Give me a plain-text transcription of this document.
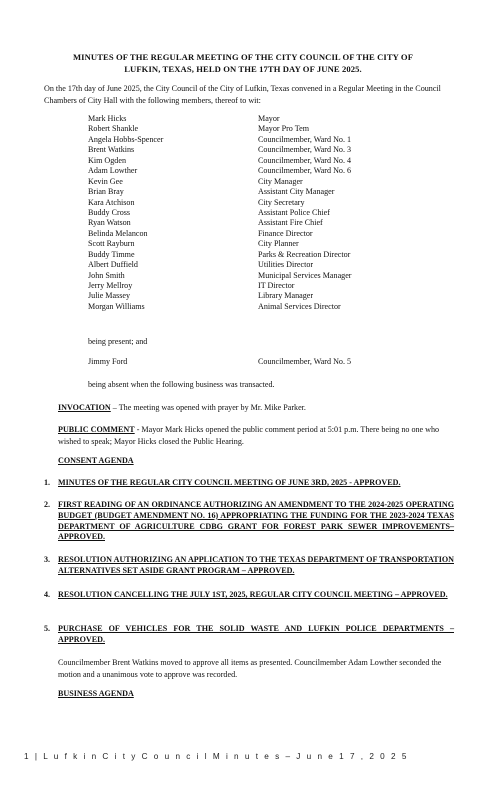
MINUTES OF THE REGULAR MEETING OF THE CITY COUNCIL OF THE CITY OF
LUFKIN, TEXAS, HELD ON THE 17TH DAY OF JUNE 2025.
On the 17th day of June 2025, the City Council of the City of Lufkin, Texas convened in a Regular Meeting in the Council Chambers of City Hall with the following members, thereof to wit:
Mark Hicks	Mayor
Robert Shankle	Mayor Pro Tem
Angela Hobbs-Spencer	Councilmember, Ward No. 1
Brent Watkins	Councilmember, Ward No. 3
Kim Ogden	Councilmember, Ward No. 4
Adam Lowther	Councilmember, Ward No. 6
Kevin Gee	City Manager
Brian Bray	Assistant City Manager
Kara Atchison	City Secretary
Buddy Cross	Assistant Police Chief
Ryan Watson	Assistant Fire Chief
Belinda Melancon	Finance Director
Scott Rayburn	City Planner
Buddy Timme	Parks & Recreation Director
Albert Duffield	Utilities Director
John Smith	Municipal Services Manager
Jerry Mellroy	IT Director
Julie Massey	Library Manager
Morgan Williams	Animal Services Director
being present; and
Jimmy Ford	Councilmember, Ward No. 5
being absent when the following business was transacted.
INVOCATION – The meeting was opened with prayer by Mr. Mike Parker.
PUBLIC COMMENT - Mayor Mark Hicks opened the public comment period at 5:01 p.m. There being no one who wished to speak; Mayor Hicks closed the Public Hearing.
CONSENT AGENDA
1. MINUTES OF THE REGULAR CITY COUNCIL MEETING OF JUNE 3RD, 2025 - APPROVED.
2. FIRST READING OF AN ORDINANCE AUTHORIZING AN AMENDMENT TO THE 2024-2025 OPERATING BUDGET (BUDGET AMENDMENT NO. 16) APPROPRIATING THE FUNDING FOR THE 2023-2024 TEXAS DEPARTMENT OF AGRICULTURE CDBG GRANT FOR FOREST PARK SEWER IMPROVEMENTS– APPROVED.
3. RESOLUTION AUTHORIZING AN APPLICATION TO THE TEXAS DEPARTMENT OF TRANSPORTATION ALTERNATIVES SET ASIDE GRANT PROGRAM – APPROVED.
4. RESOLUTION CANCELLING THE JULY 1ST, 2025, REGULAR CITY COUNCIL MEETING – APPROVED.
5. PURCHASE OF VEHICLES FOR THE SOLID WASTE AND LUFKIN POLICE DEPARTMENTS – APPROVED.
Councilmember Brent Watkins moved to approve all items as presented. Councilmember Adam Lowther seconded the motion and a unanimous vote to approve was recorded.
BUSINESS AGENDA
1 | L u f k i n C i t y C o u n c i l M i n u t e s – J u n e 1 7 , 2 0 2 5
